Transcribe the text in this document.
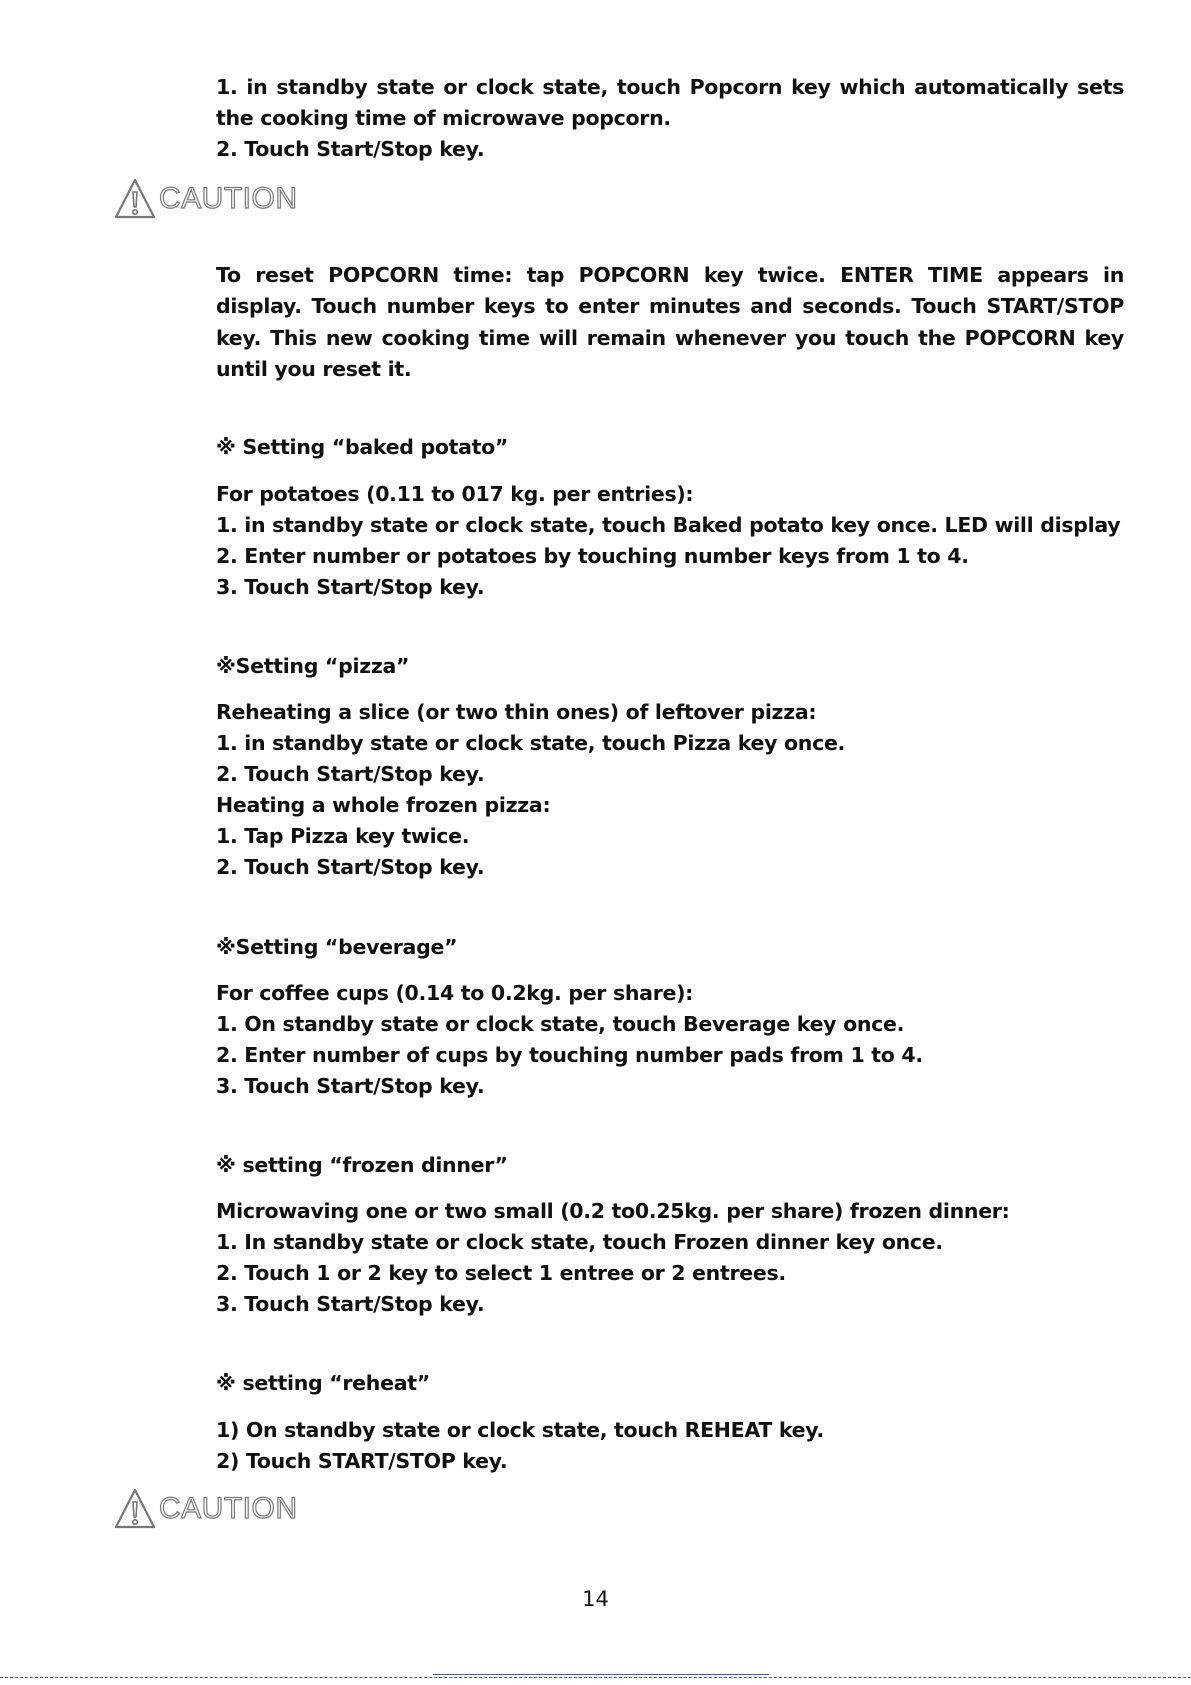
1. in standby state or clock state, touch Popcorn key which automatically sets
the cooking time of microwave popcorn.
2. Touch Start/Stop key.
CAUTION
To reset POPCORN time: tap POPCORN key twice. ENTER TIME appears in
display. Touch number keys to enter minutes and seconds. Touch START/STOP
key. This new cooking time will remain whenever you touch the POPCORN key
until you reset it.
※ Setting “baked potato”
For potatoes (0.11 to 017 kg. per entries):
1. in standby state or clock state, touch Baked potato key once. LED will display
2. Enter number or potatoes by touching number keys from 1 to 4.
3. Touch Start/Stop key.
※Setting “pizza”
Reheating a slice (or two thin ones) of leftover pizza:
1. in standby state or clock state, touch Pizza key once.
2. Touch Start/Stop key.
Heating a whole frozen pizza:
1. Tap Pizza key twice.
2. Touch Start/Stop key.
※Setting “beverage”
For coffee cups (0.14 to 0.2kg. per share):
1. On standby state or clock state, touch Beverage key once.
2. Enter number of cups by touching number pads from 1 to 4.
3. Touch Start/Stop key.
※ setting “frozen dinner”
Microwaving one or two small (0.2 to0.25kg. per share) frozen dinner:
1. In standby state or clock state, touch Frozen dinner key once.
2. Touch 1 or 2 key to select 1 entree or 2 entrees.
3. Touch Start/Stop key.
※ setting “reheat”
1) On standby state or clock state, touch REHEAT key.
2) Touch START/STOP key.
CAUTION
14
